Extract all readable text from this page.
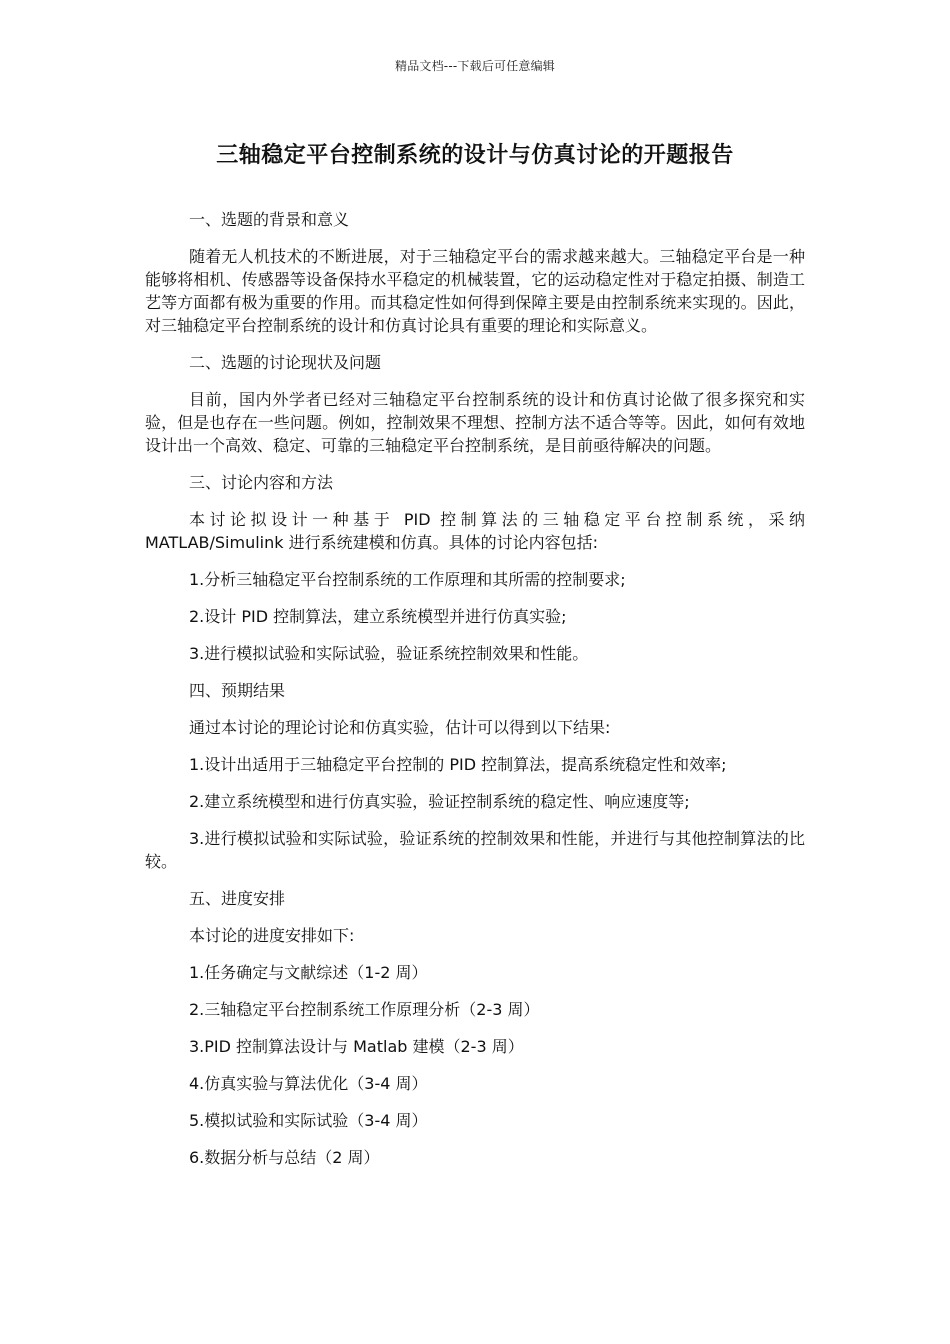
精品文档---下载后可任意编辑
三轴稳定平台控制系统的设计与仿真讨论的开题报告
一、选题的背景和意义
随着无人机技术的不断进展，对于三轴稳定平台的需求越来越大。三轴稳定平台是一种能够将相机、传感器等设备保持水平稳定的机械装置，它的运动稳定性对于稳定拍摄、制造工艺等方面都有极为重要的作用。而其稳定性如何得到保障主要是由控制系统来实现的。因此，对三轴稳定平台控制系统的设计和仿真讨论具有重要的理论和实际意义。
二、选题的讨论现状及问题
目前，国内外学者已经对三轴稳定平台控制系统的设计和仿真讨论做了很多探究和实验，但是也存在一些问题。例如，控制效果不理想、控制方法不适合等等。因此，如何有效地设计出一个高效、稳定、可靠的三轴稳定平台控制系统，是目前亟待解决的问题。
三、讨论内容和方法
本讨论拟设计一种基于 PID 控制算法的三轴稳定平台控制系统，采纳 MATLAB/Simulink 进行系统建模和仿真。具体的讨论内容包括:
1.分析三轴稳定平台控制系统的工作原理和其所需的控制要求;
2.设计 PID 控制算法，建立系统模型并进行仿真实验;
3.进行模拟试验和实际试验，验证系统控制效果和性能。
四、预期结果
通过本讨论的理论讨论和仿真实验，估计可以得到以下结果:
1.设计出适用于三轴稳定平台控制的 PID 控制算法，提高系统稳定性和效率;
2.建立系统模型和进行仿真实验，验证控制系统的稳定性、响应速度等;
3.进行模拟试验和实际试验，验证系统的控制效果和性能，并进行与其他控制算法的比较。
五、进度安排
本讨论的进度安排如下:
1.任务确定与文献综述（1-2 周）
2.三轴稳定平台控制系统工作原理分析（2-3 周）
3.PID 控制算法设计与 Matlab 建模（2-3 周）
4.仿真实验与算法优化（3-4 周）
5.模拟试验和实际试验（3-4 周）
6.数据分析与总结（2 周）
